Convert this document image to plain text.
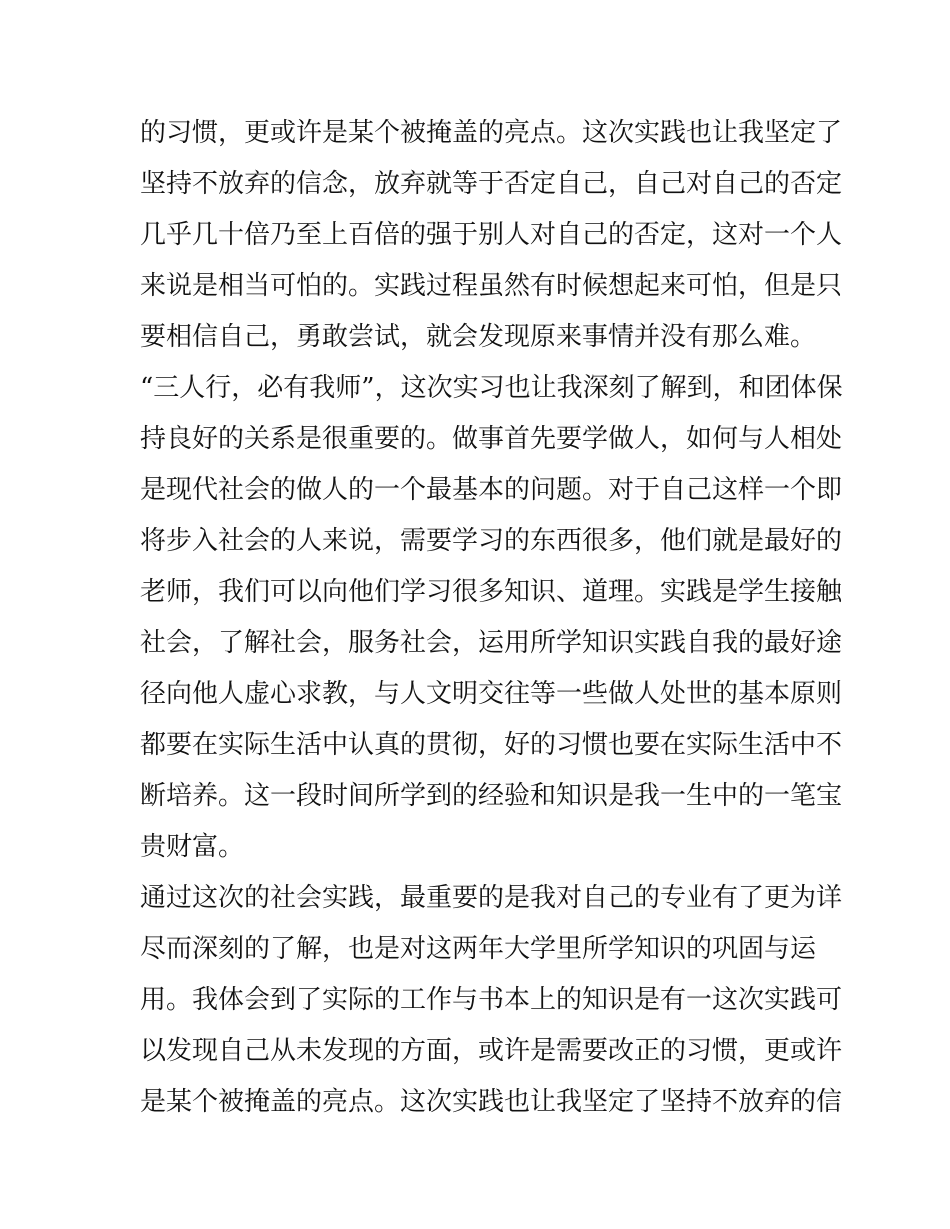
的习惯，更或许是某个被掩盖的亮点。这次实践也让我坚定了
坚持不放弃的信念，放弃就等于否定自己，自己对自己的否定
几乎几十倍乃至上百倍的强于别人对自己的否定，这对一个人
来说是相当可怕的。实践过程虽然有时候想起来可怕，但是只
要相信自己，勇敢尝试，就会发现原来事情并没有那么难。
“三人行，必有我师”，这次实习也让我深刻了解到，和团体保
持良好的关系是很重要的。做事首先要学做人，如何与人相处
是现代社会的做人的一个最基本的问题。对于自己这样一个即
将步入社会的人来说，需要学习的东西很多，他们就是最好的
老师，我们可以向他们学习很多知识、道理。实践是学生接触
社会，了解社会，服务社会，运用所学知识实践自我的最好途
径向他人虚心求教，与人文明交往等一些做人处世的基本原则
都要在实际生活中认真的贯彻，好的习惯也要在实际生活中不
断培养。这一段时间所学到的经验和知识是我一生中的一笔宝
贵财富。
通过这次的社会实践，最重要的是我对自己的专业有了更为详
尽而深刻的了解，也是对这两年大学里所学知识的巩固与运
用。我体会到了实际的工作与书本上的知识是有一这次实践可
以发现自己从未发现的方面，或许是需要改正的习惯，更或许
是某个被掩盖的亮点。这次实践也让我坚定了坚持不放弃的信
